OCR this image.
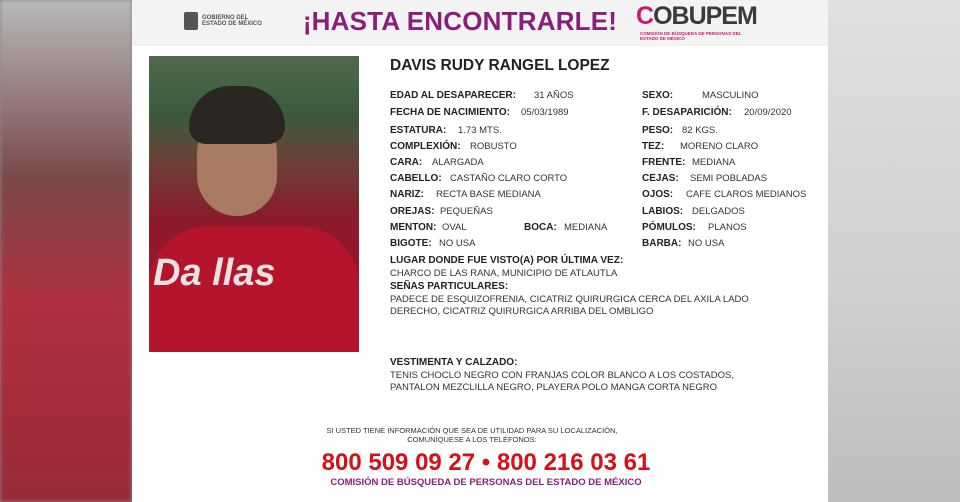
GOBIERNO DEL ESTADO DE MÉXICO	¡HASTA ENCONTRARLE! COBUPEM
COMISIÓN DE BÚSQUEDA DE PERSONAS DEL ESTADO DE MÉXICO
Da llas
DAVIS RUDY RANGEL LOPEZ
EDAD AL DESAPARECER: 31 AÑOS	SEXO:	MASCULINO
FECHA DE NACIMIENTO: 05/03/1989	F. DESAPARICIÓN: 20/09/2020
ESTATURA: 1.73 MTS.	PESO: 82 KGS.
COMPLEXIÓN: ROBUSTO	TEZ: MORENO CLARO
CARA: ALARGADA	FRENTE: MEDIANA
CABELLO: CASTAÑO CLARO CORTO	CEJAS: SEMI POBLADAS
NARIZ: RECTA BASE MEDIANA	OJOS: CAFE CLAROS MEDIANOS
OREJAS: PEQUEÑAS	LABIOS: DELGADOS
MENTON: OVAL	BOCA: MEDIANA	PÓMULOS: PLANOS
BIGOTE: NO USA	BARBA: NO USA
LUGAR DONDE FUE VISTO(A) POR ÚLTIMA VEZ:
CHARCO DE LAS RANA, MUNICIPIO DE ATLAUTLA
SEÑAS PARTICULARES:
PADECE DE ESQUIZOFRENIA, CICATRIZ QUIRURGICA CERCA DEL AXILA LADO
DERECHO, CICATRIZ QUIRURGICA ARRIBA DEL OMBLIGO
VESTIMENTA Y CALZADO:
TENIS CHOCLO NEGRO CON FRANJAS COLOR BLANCO A LOS COSTADOS,
PANTALON MEZCLILLA NEGRO, PLAYERA POLO MANGA CORTA NEGRO
SI USTED TIENE INFORMACIÓN QUE SEA DE UTILIDAD PARA SU LOCALIZACIÓN,
COMUNÍQUESE A LOS TELÉFONOS:
800 509 09 27 • 800 216 03 61
COMISIÓN DE BÚSQUEDA DE PERSONAS DEL ESTADO DE MÉXICO
